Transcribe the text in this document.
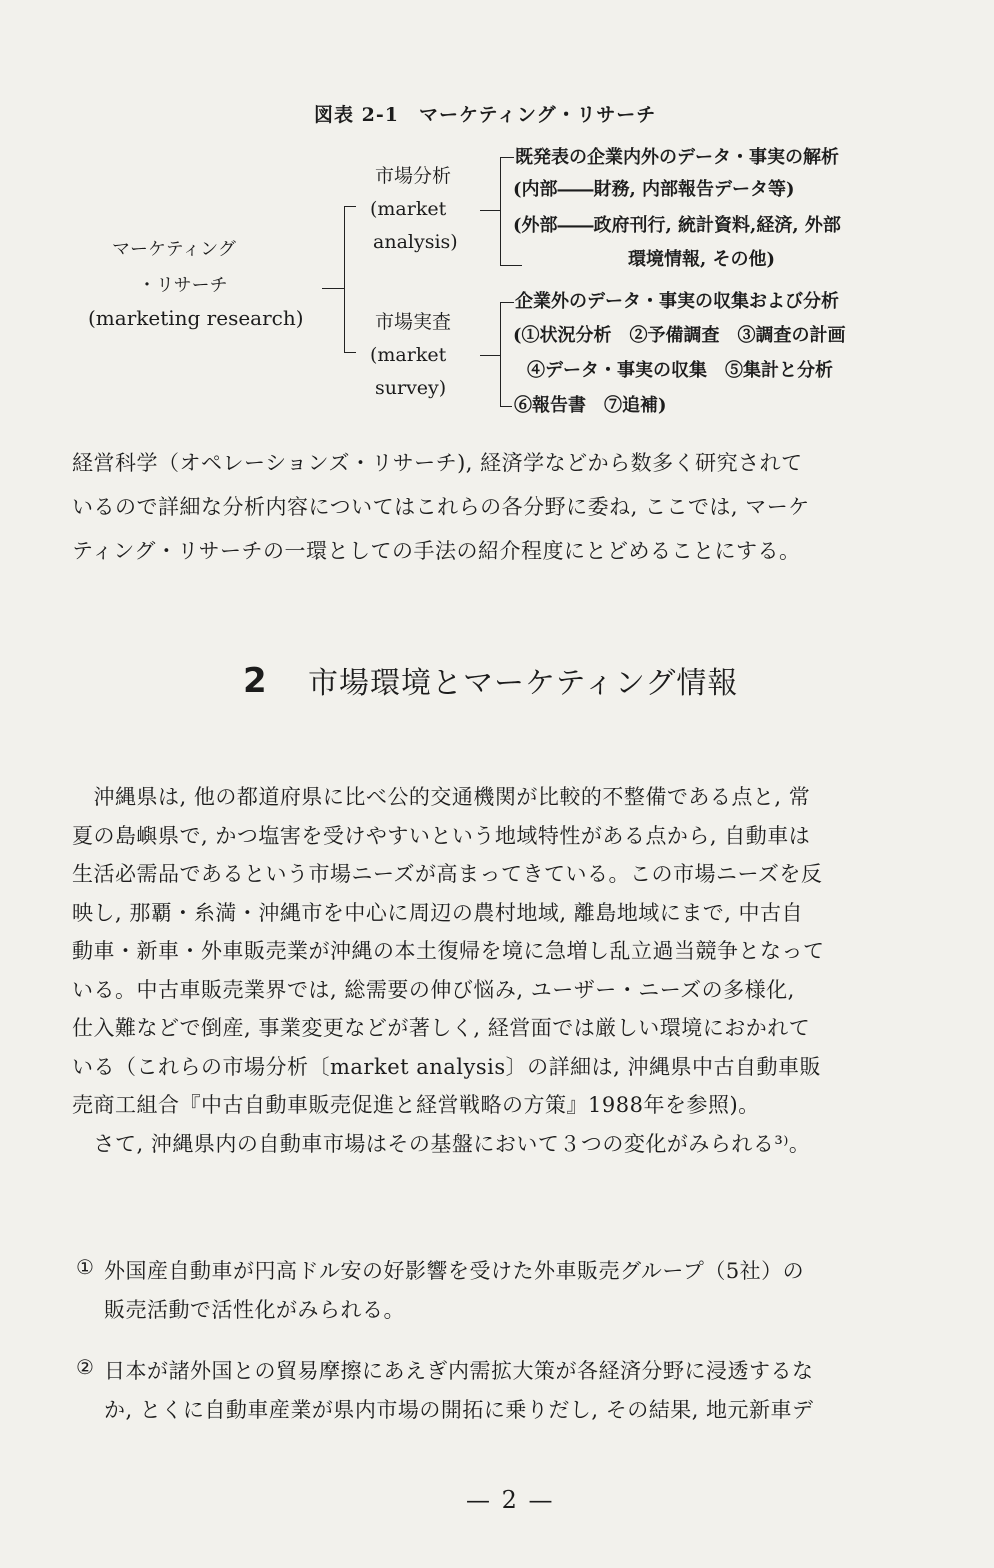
図表 2-1　マーケティング・リサーチ
マーケティング
・リサーチ
(marketing research)
市場分析
(market
analysis)
既発表の企業内外のデータ・事実の解析
(内部――財務, 内部報告データ等)
(外部――政府刊行, 統計資料,経済, 外部
環境情報, その他)
市場実査
(market
survey)
企業外のデータ・事実の収集および分析
(①状況分析　②予備調査　③調査の計画
④データ・事実の収集　⑤集計と分析
⑥報告書　⑦追補)
経営科学（オペレーションズ・リサーチ), 経済学などから数多く研究されて
いるので詳細な分析内容についてはこれらの各分野に委ね, ここでは, マーケ
ティング・リサーチの一環としての手法の紹介程度にとどめることにする。
2 市場環境とマーケティング情報
　沖縄県は, 他の都道府県に比べ公的交通機関が比較的不整備である点と, 常
夏の島嶼県で, かつ塩害を受けやすいという地域特性がある点から, 自動車は
生活必需品であるという市場ニーズが高まってきている。この市場ニーズを反
映し, 那覇・糸満・沖縄市を中心に周辺の農村地域, 離島地域にまで, 中古自
動車・新車・外車販売業が沖縄の本土復帰を境に急増し乱立過当競争となって
いる。中古車販売業界では, 総需要の伸び悩み, ユーザー・ニーズの多様化,
仕入難などで倒産, 事業変更などが著しく, 経営面では厳しい環境におかれて
いる（これらの市場分析〔market analysis〕の詳細は, 沖縄県中古自動車販
売商工組合『中古自動車販売促進と経営戦略の方策』1988年を参照)。
　さて, 沖縄県内の自動車市場はその基盤において３つの変化がみられる³⁾。
① 外国産自動車が円高ドル安の好影響を受けた外車販売グループ（5社）の
販売活動で活性化がみられる。
② 日本が諸外国との貿易摩擦にあえぎ内需拡大策が各経済分野に浸透するな
か, とくに自動車産業が県内市場の開拓に乗りだし, その結果, 地元新車デ
— 2 —
